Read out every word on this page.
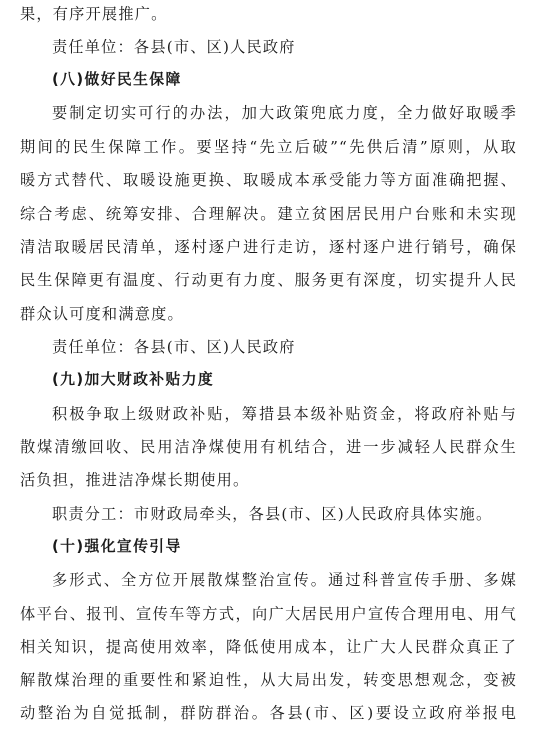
果，有序开展推广。
责任单位：各县(市、区)人民政府
(八)做好民生保障
要制定切实可行的办法，加大政策兜底力度，全力做好取暖季
期间的民生保障工作。要坚持“先立后破”“先供后清”原则，从取
暖方式替代、取暖设施更换、取暖成本承受能力等方面准确把握、
综合考虑、统筹安排、合理解决。建立贫困居民用户台账和未实现
清洁取暖居民清单，逐村逐户进行走访，逐村逐户进行销号，确保
民生保障更有温度、行动更有力度、服务更有深度，切实提升人民
群众认可度和满意度。
责任单位：各县(市、区)人民政府
(九)加大财政补贴力度
积极争取上级财政补贴，筹措县本级补贴资金，将政府补贴与
散煤清缴回收、民用洁净煤使用有机结合，进一步减轻人民群众生
活负担，推进洁净煤长期使用。
职责分工：市财政局牵头，各县(市、区)人民政府具体实施。
(十)强化宣传引导
多形式、全方位开展散煤整治宣传。通过科普宣传手册、多媒
体平台、报刊、宣传车等方式，向广大居民用户宣传合理用电、用气
相关知识，提高使用效率，降低使用成本，让广大人民群众真正了
解散煤治理的重要性和紧迫性，从大局出发，转变思想观念，变被
动整治为自觉抵制，群防群治。各县(市、区)要设立政府举报电
